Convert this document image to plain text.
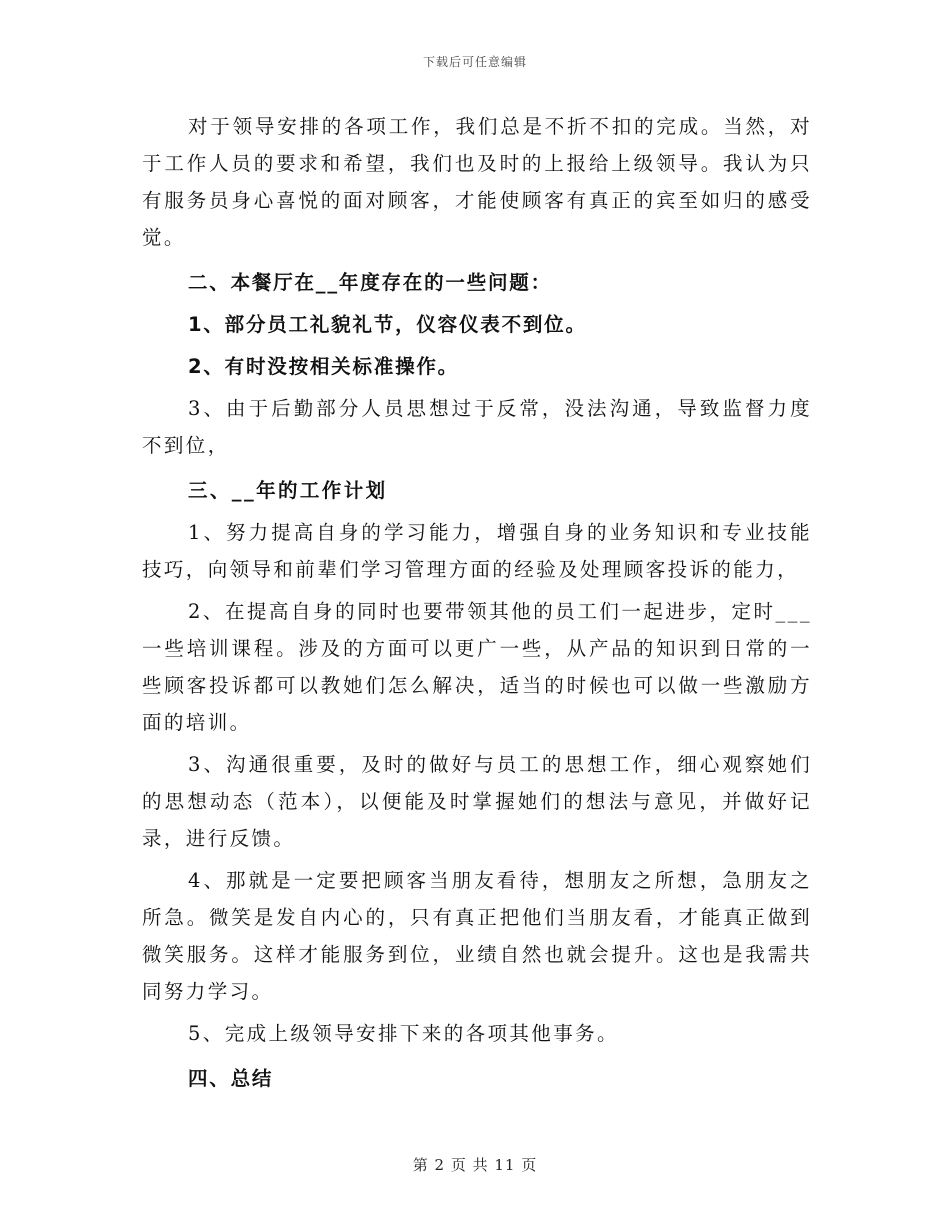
下载后可任意编辑

对于领导安排的各项工作，我们总是不折不扣的完成。当然，对于工作人员的要求和希望，我们也及时的上报给上级领导。我认为只有服务员身心喜悦的面对顾客，才能使顾客有真正的宾至如归的感受觉。

二、本餐厅在__年度存在的一些问题：

1、部分员工礼貌礼节，仪容仪表不到位。

2、有时没按相关标准操作。

3、由于后勤部分人员思想过于反常，没法沟通，导致监督力度不到位，

三、__年的工作计划

1、努力提高自身的学习能力，增强自身的业务知识和专业技能技巧，向领导和前辈们学习管理方面的经验及处理顾客投诉的能力，

2、在提高自身的同时也要带领其他的员工们一起进步，定时___一些培训课程。涉及的方面可以更广一些，从产品的知识到日常的一些顾客投诉都可以教她们怎么解决，适当的时候也可以做一些激励方面的培训。

3、沟通很重要，及时的做好与员工的思想工作，细心观察她们的思想动态（范本），以便能及时掌握她们的想法与意见，并做好记录，进行反馈。

4、那就是一定要把顾客当朋友看待，想朋友之所想，急朋友之所急。微笑是发自内心的，只有真正把他们当朋友看，才能真正做到微笑服务。这样才能服务到位，业绩自然也就会提升。这也是我需共同努力学习。

5、完成上级领导安排下来的各项其他事务。

四、总结

第 2 页 共 11 页
